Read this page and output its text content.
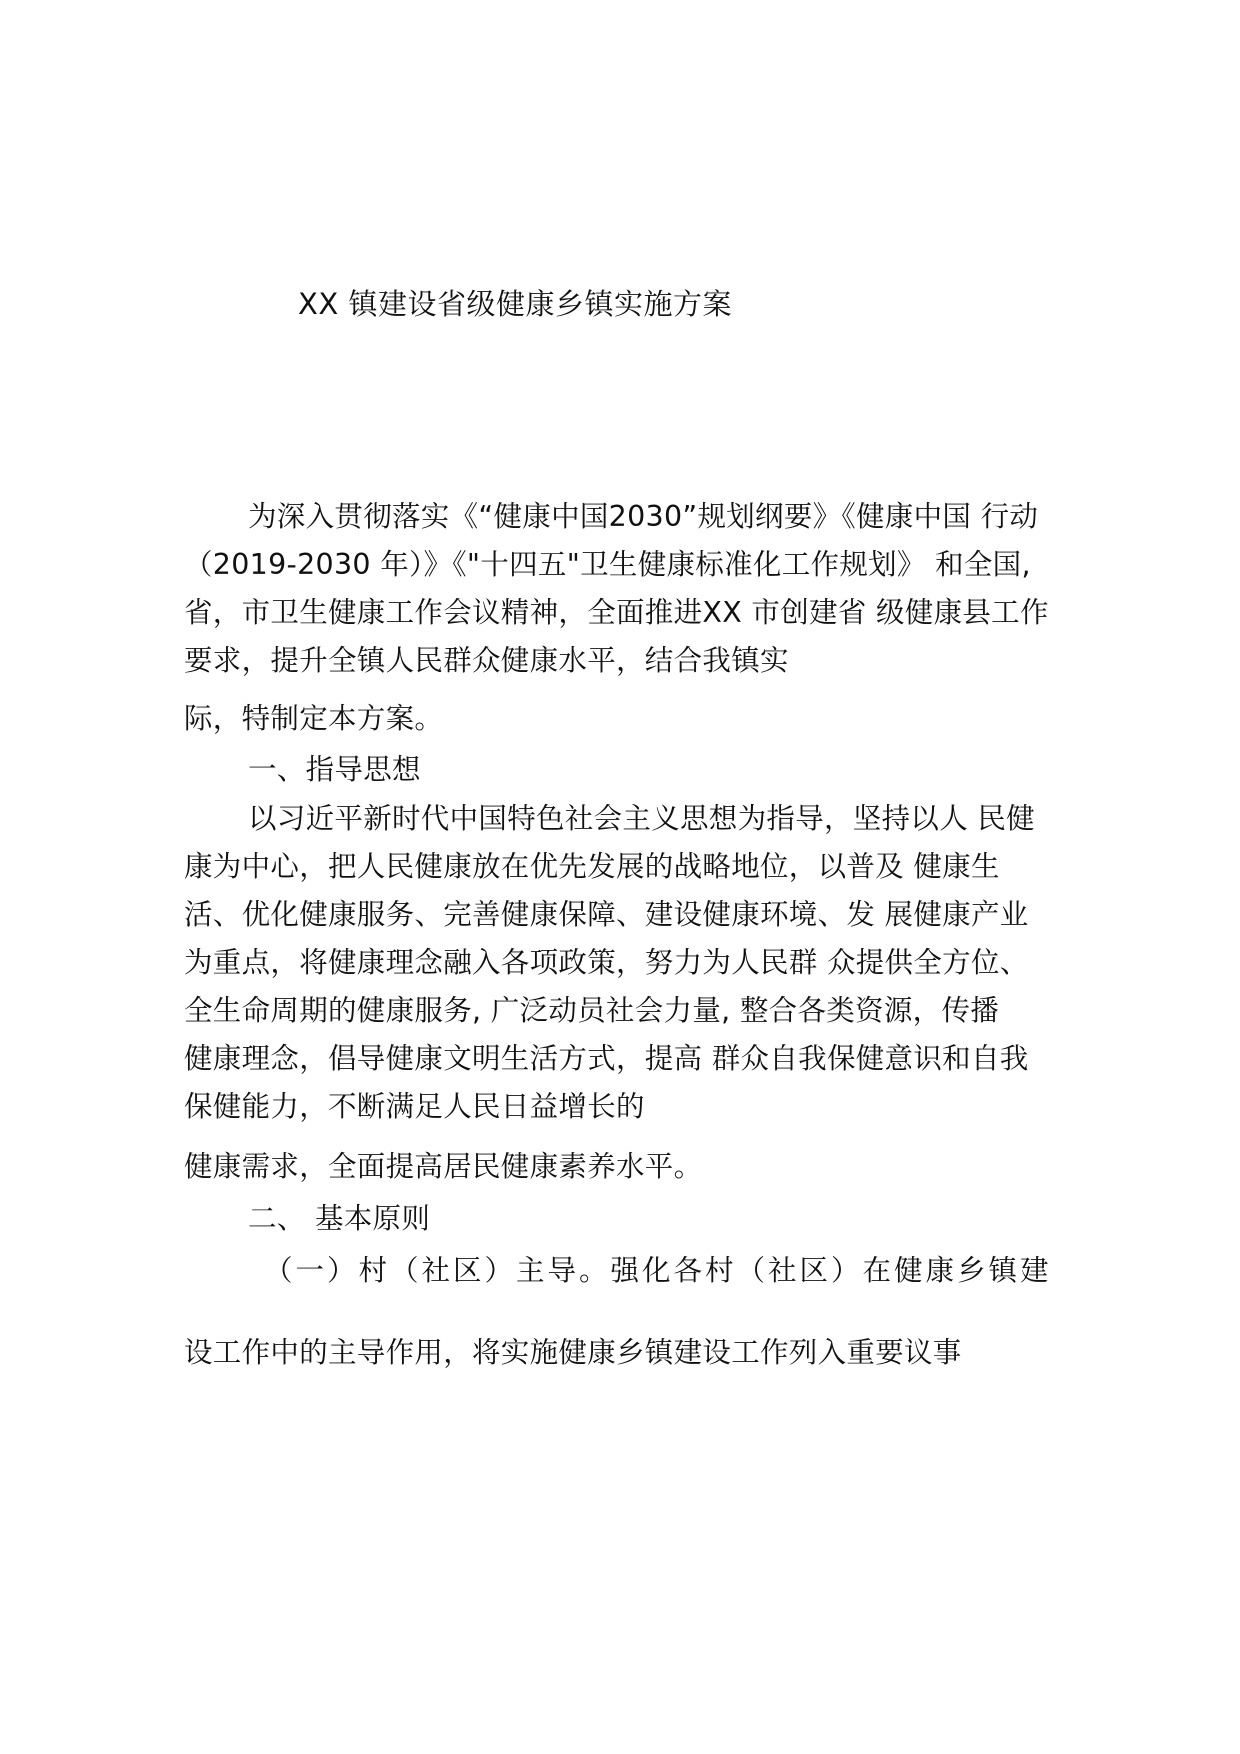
XX 镇建设省级健康乡镇实施方案
为深入贯彻落实《“健康中国2030”规划纲要》《健康中国 行动
（2019-2030 年）》《"十四五"卫生健康标准化工作规划》 和全国,
省，市卫生健康工作会议精神，全面推进XX 市创建省 级健康县工作
要求，提升全镇人民群众健康水平，结合我镇实
际，特制定本方案。
一、指导思想
以习近平新时代中国特色社会主义思想为指导，坚持以人 民健
康为中心，把人民健康放在优先发展的战略地位，以普及 健康生
活、优化健康服务、完善健康保障、建设健康环境、发 展健康产业
为重点，将健康理念融入各项政策，努力为人民群 众提供全方位、
全生命周期的健康服务, 广泛动员社会力量, 整合各类资源，传播
健康理念，倡导健康文明生活方式，提高 群众自我保健意识和自我
保健能力，不断满足人民日益增长的
健康需求，全面提高居民健康素养水平。
二、 基本原则
（一）村（社区）主导。强化各村（社区）在健康乡镇建
设工作中的主导作用，将实施健康乡镇建设工作列入重要议事
